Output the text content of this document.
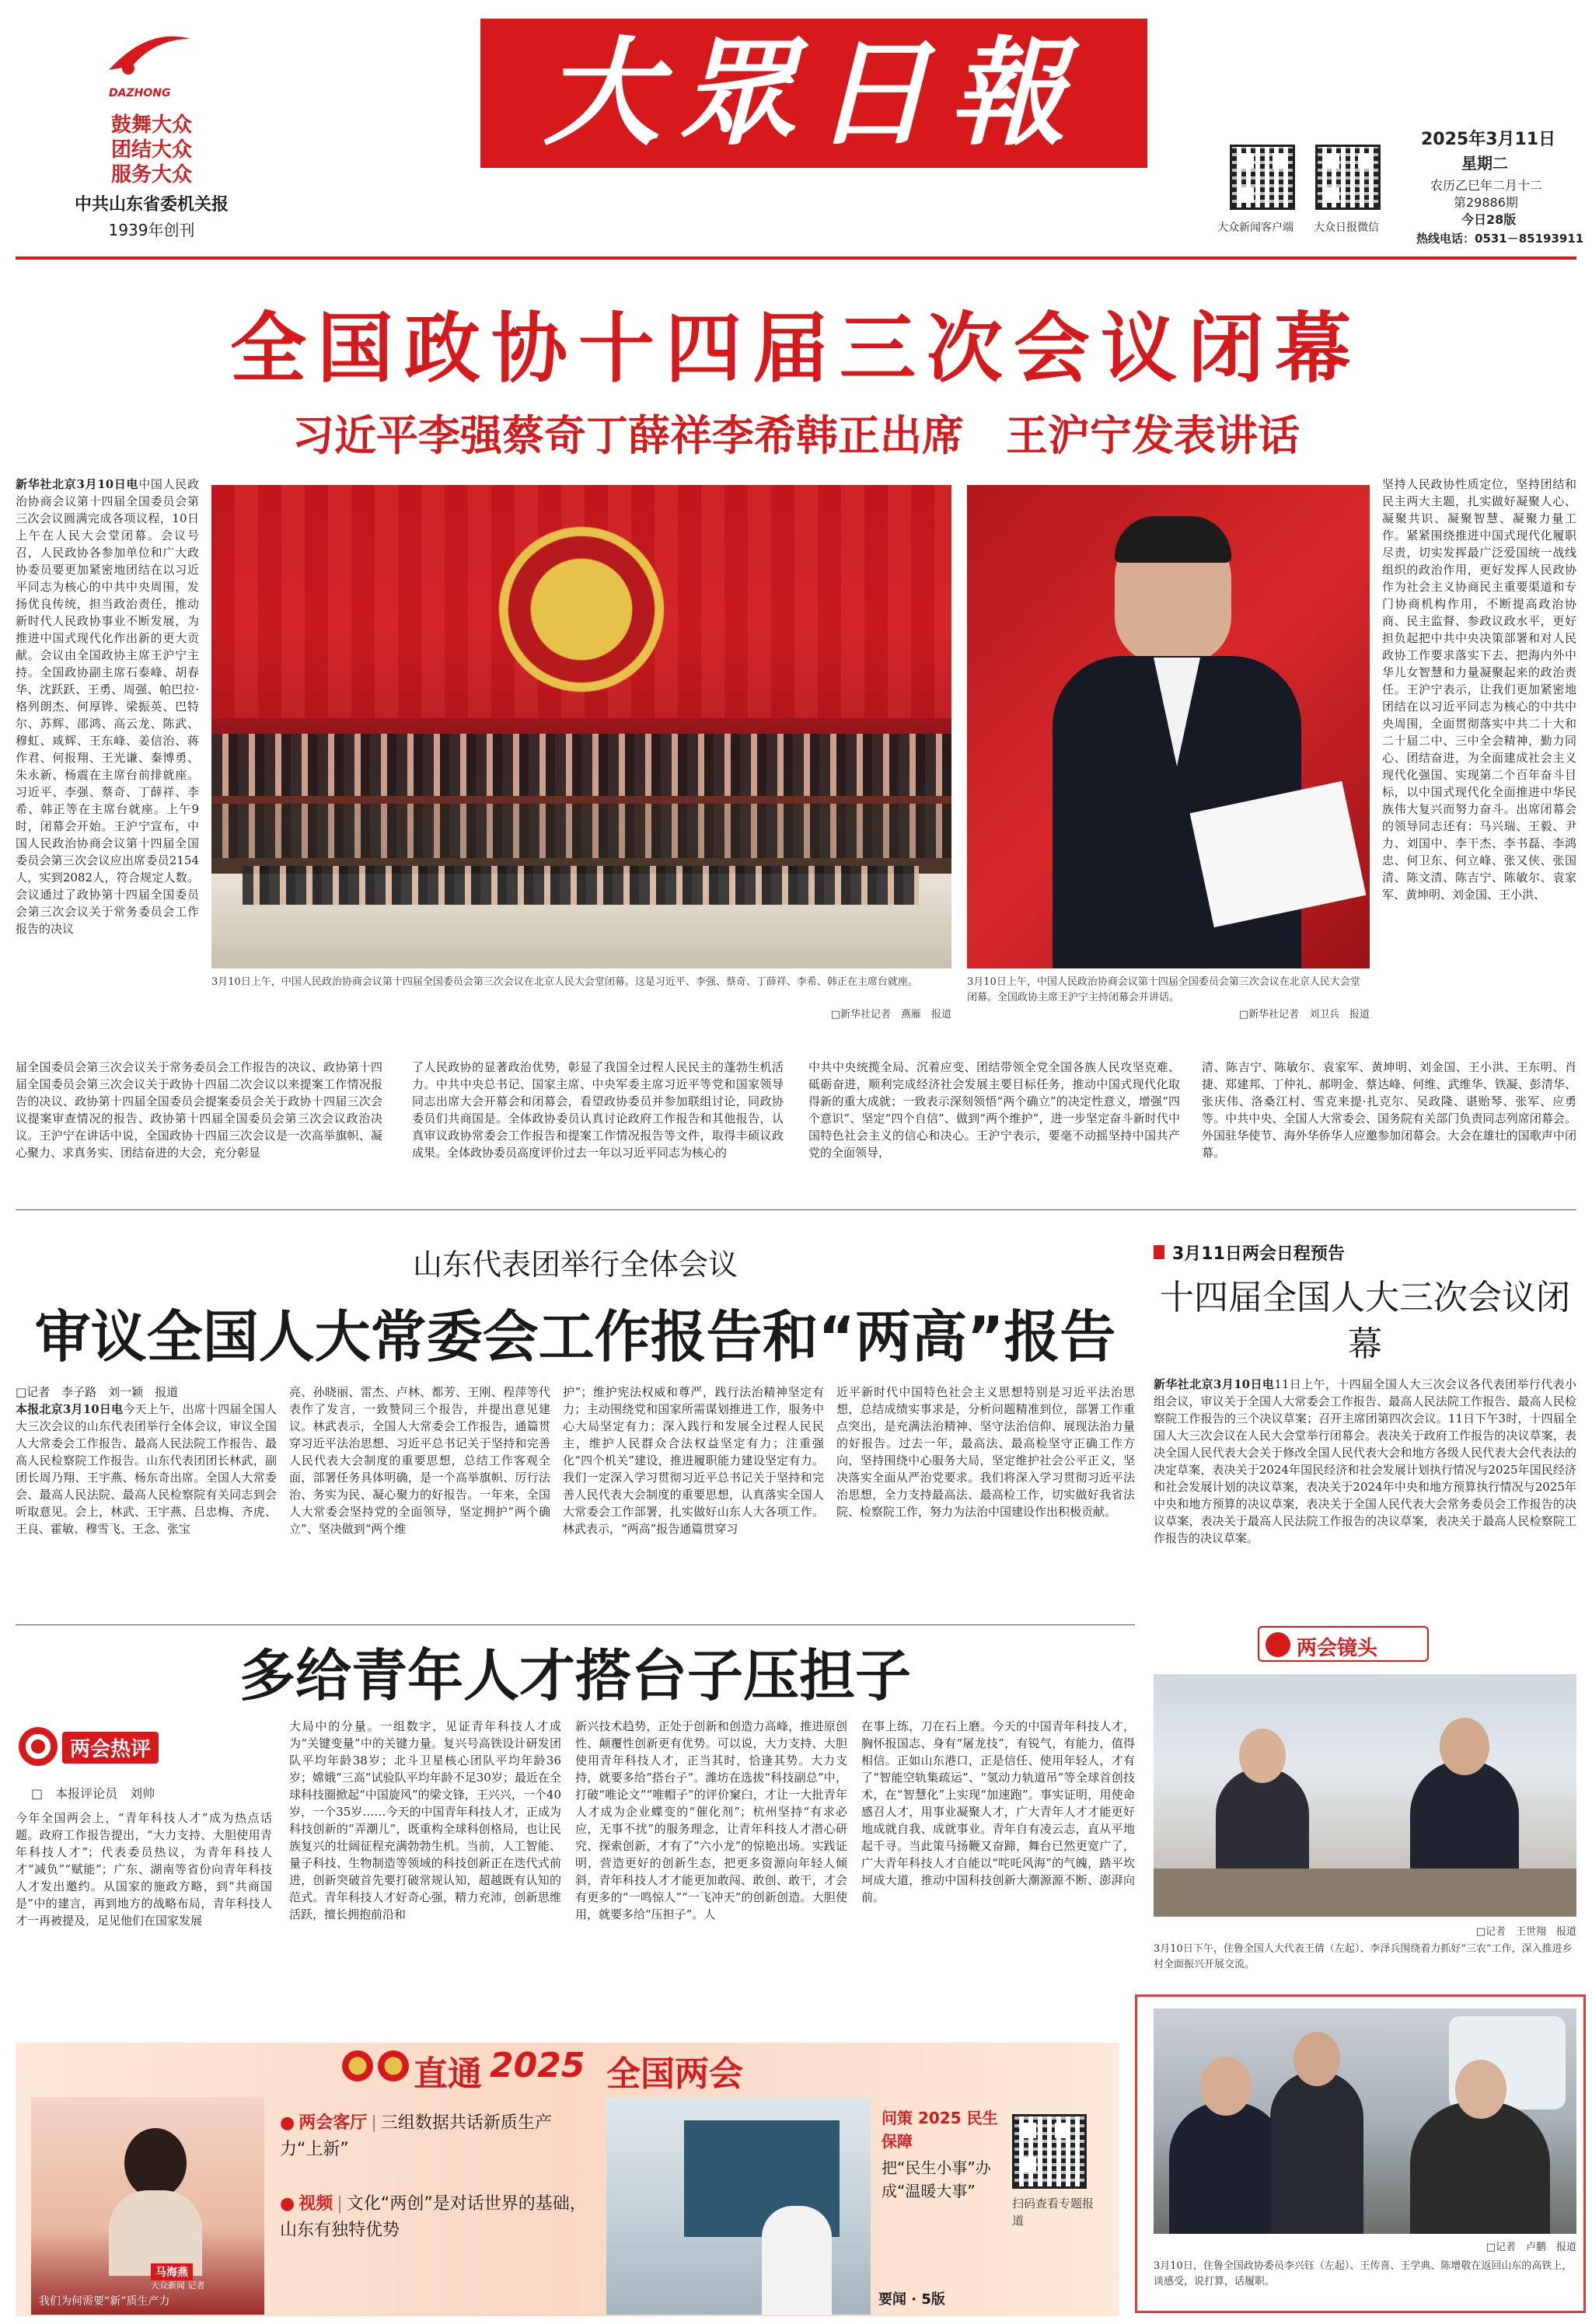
DAZHONG
鼓舞大众
团结大众
服务大众
中共山东省委机关报
1939年创刊
大眾日報
大众新闻客户端 大众日报微信
2025年3月11日
星期二
农历乙巳年二月十二
第29886期
今日28版
热线电话：0531－85193911
全国政协十四届三次会议闭幕
习近平李强蔡奇丁薛祥李希韩正出席　王沪宁发表讲话
新华社北京3月10日电中国人民政治协商会议第十四届全国委员会第三次会议圆满完成各项议程，10日上午在人民大会堂闭幕。会议号召，人民政协各参加单位和广大政协委员要更加紧密地团结在以习近平同志为核心的中共中央周围，发扬优良传统，担当政治责任，推动新时代人民政协事业不断发展，为推进中国式现代化作出新的更大贡献。会议由全国政协主席王沪宁主持。全国政协副主席石泰峰、胡春华、沈跃跃、王勇、周强、帕巴拉·格列朗杰、何厚铧、梁振英、巴特尔、苏辉、邵鸿、高云龙、陈武、穆虹、咸辉、王东峰、姜信治、蒋作君、何报翔、王光谦、秦博勇、朱永新、杨震在主席台前排就座。习近平、李强、蔡奇、丁薛祥、李希、韩正等在主席台就座。上午9时，闭幕会开始。王沪宁宣布，中国人民政治协商会议第十四届全国委员会第三次会议应出席委员2154人，实到2082人，符合规定人数。会议通过了政协第十四届全国委员会第三次会议关于常务委员会工作报告的决议
3月10日上午，中国人民政治协商会议第十四届全国委员会第三次会议在北京人民大会堂闭幕。这是习近平、李强、蔡奇、丁薛祥、李希、韩正在主席台就座。
□新华社记者　燕雁　报道
3月10日上午，中国人民政治协商会议第十四届全国委员会第三次会议在北京人民大会堂闭幕。全国政协主席王沪宁主持闭幕会并讲话。
□新华社记者　刘卫兵　报道
坚持人民政协性质定位，坚持团结和民主两大主题，扎实做好凝聚人心、凝聚共识、凝聚智慧、凝聚力量工作。紧紧围绕推进中国式现代化履职尽责，切实发挥最广泛爱国统一战线组织的政治作用，更好发挥人民政协作为社会主义协商民主重要渠道和专门协商机构作用，不断提高政治协商、民主监督、参政议政水平，更好担负起把中共中央决策部署和对人民政协工作要求落实下去、把海内外中华儿女智慧和力量凝聚起来的政治责任。王沪宁表示，让我们更加紧密地团结在以习近平同志为核心的中共中央周围，全面贯彻落实中共二十大和二十届二中、三中全会精神，勤力同心、团结奋进，为全面建成社会主义现代化强国、实现第二个百年奋斗目标，以中国式现代化全面推进中华民族伟大复兴而努力奋斗。出席闭幕会的领导同志还有：马兴瑞、王毅、尹力、刘国中、李干杰、李书磊、李鸿忠、何卫东、何立峰、张又侠、张国清、陈文清、陈吉宁、陈敏尔、袁家军、黄坤明、刘金国、王小洪、
届全国委员会第三次会议关于常务委员会工作报告的决议、政协第十四届全国委员会第三次会议关于政协十四届二次会议以来提案工作情况报告的决议、政协第十四届全国委员会提案委员会关于政协十四届三次会议提案审查情况的报告、政协第十四届全国委员会第三次会议政治决议。王沪宁在讲话中说，全国政协十四届三次会议是一次高举旗帜、凝心聚力、求真务实、团结奋进的大会，充分彰显
了人民政协的显著政治优势，彰显了我国全过程人民民主的蓬勃生机活力。中共中央总书记、国家主席、中央军委主席习近平等党和国家领导同志出席大会开幕会和闭幕会，看望政协委员并参加联组讨论，同政协委员们共商国是。全体政协委员认真讨论政府工作报告和其他报告，认真审议政协常委会工作报告和提案工作情况报告等文件，取得丰硕议政成果。全体政协委员高度评价过去一年以习近平同志为核心的
中共中央统揽全局、沉着应变、团结带领全党全国各族人民攻坚克难、砥砺奋进，顺利完成经济社会发展主要目标任务，推动中国式现代化取得新的重大成就；一致表示深刻领悟“两个确立”的决定性意义，增强“四个意识”、坚定“四个自信”、做到“两个维护”，进一步坚定奋斗新时代中国特色社会主义的信心和决心。王沪宁表示，要毫不动摇坚持中国共产党的全面领导，
清、陈吉宁、陈敏尔、袁家军、黄坤明、刘金国、王小洪、王东明、肖捷、郑建邦、丁仲礼、郝明金、蔡达峰、何维、武维华、铁凝、彭清华、张庆伟、洛桑江村、雪克来提·扎克尔、吴政隆、谌贻琴、张军、应勇等。中共中央、全国人大常委会、国务院有关部门负责同志列席闭幕会。外国驻华使节、海外华侨华人应邀参加闭幕会。大会在雄壮的国歌声中闭幕。
山东代表团举行全体会议
审议全国人大常委会工作报告和“两高”报告
□记者　李子路　刘一颖　报道
本报北京3月10日电今天上午，出席十四届全国人大三次会议的山东代表团举行全体会议，审议全国人大常委会工作报告、最高人民法院工作报告、最高人民检察院工作报告。山东代表团团长林武，副团长周乃翔、王宇燕、杨东奇出席。全国人大常委会、最高人民法院、最高人民检察院有关同志到会听取意见。会上，林武、王宇燕、吕忠梅、齐虎、王良、霍敏、穆雪飞、王念、张宝
亮、孙晓丽、雷杰、卢林、都芳、王刚、程萍等代表作了发言，一致赞同三个报告，并提出意见建议。林武表示，全国人大常委会工作报告，通篇贯穿习近平法治思想、习近平总书记关于坚持和完善人民代表大会制度的重要思想，总结工作客观全面，部署任务具体明确，是一个高举旗帜、厉行法治、务实为民、凝心聚力的好报告。一年来，全国人大常委会坚持党的全面领导，坚定拥护“两个确立”、坚决做到“两个维
护”；维护宪法权威和尊严，践行法治精神坚定有力；主动围绕党和国家所需谋划推进工作，服务中心大局坚定有力；深入践行和发展全过程人民民主，维护人民群众合法权益坚定有力；注重强化“四个机关”建设，推进履职能力建设坚定有力。我们一定深入学习贯彻习近平总书记关于坚持和完善人民代表大会制度的重要思想，认真落实全国人大常委会工作部署，扎实做好山东人大各项工作。林武表示，“两高”报告通篇贯穿习
近平新时代中国特色社会主义思想特别是习近平法治思想，总结成绩实事求是，分析问题精准到位，部署工作重点突出，是充满法治精神、坚守法治信仰、展现法治力量的好报告。过去一年，最高法、最高检坚守正确工作方向，坚持围绕中心服务大局，坚定维护社会公平正义，坚决落实全面从严治党要求。我们将深入学习贯彻习近平法治思想，全力支持最高法、最高检工作，切实做好我省法院、检察院工作，努力为法治中国建设作出积极贡献。
3月11日两会日程预告
十四届全国人大三次会议闭幕
新华社北京3月10日电11日上午，十四届全国人大三次会议各代表团举行代表小组会议，审议关于全国人大常委会工作报告、最高人民法院工作报告、最高人民检察院工作报告的三个决议草案；召开主席团第四次会议。11日下午3时，十四届全国人大三次会议在人民大会堂举行闭幕会。表决关于政府工作报告的决议草案，表决全国人民代表大会关于修改全国人民代表大会和地方各级人民代表大会代表法的决定草案，表决关于2024年国民经济和社会发展计划执行情况与2025年国民经济和社会发展计划的决议草案，表决关于2024年中央和地方预算执行情况与2025年中央和地方预算的决议草案，表决关于全国人民代表大会常务委员会工作报告的决议草案，表决关于最高人民法院工作报告的决议草案，表决关于最高人民检察院工作报告的决议草案。
两会镜头
□记者　王世翔　报道
3月10日下午，住鲁全国人大代表王倩（左起）、李泽兵围绕着力抓好“三农”工作，深入推进乡村全面振兴开展交流。
□记者　卢鹏　报道
3月10日，住鲁全国政协委员李兴钰（左起）、王传喜、王学典、陈增敬在返回山东的高铁上，谈感受，说打算，话履职。
多给青年人才搭台子压担子
两会热评
□　本报评论员　刘帅
今年全国两会上，“青年科技人才”成为热点话题。政府工作报告提出，“大力支持、大胆使用青年科技人才”；代表委员热议，为青年科技人才“减负”“赋能”；广东、湖南等省份向青年科技人才发出邀约。从国家的施政方略，到“共商国是”中的建言，再到地方的战略布局，青年科技人才一再被提及，足见他们在国家发展
大局中的分量。一组数字，见证青年科技人才成为“关键变量”中的关键力量。复兴号高铁设计研发团队平均年龄38岁；北斗卫星核心团队平均年龄36岁；嫦娥“三高”试验队平均年龄不足30岁；最近在全球科技圈掀起“中国旋风”的梁文锋，王兴兴，一个40岁，一个35岁……今天的中国青年科技人才，正成为科技创新的“弄潮儿”，既重构全球科创格局，也让民族复兴的壮阔征程充满勃勃生机。当前，人工智能、量子科技、生物制造等领域的科技创新正在迭代式前进，创新突破首先要打破常规认知，超越既有认知的范式。青年科技人才好奇心强，精力充沛，创新思维活跃，擅长拥抱前沿和
新兴技术趋势，正处于创新和创造力高峰，推进原创性、颠覆性创新更有优势。可以说，大力支持、大胆使用青年科技人才，正当其时，恰逢其势。大力支持，就要多给“搭台子”。潍坊在选拔“科技副总”中，打破“唯论文”“唯帽子”的评价窠臼，才让一大批青年人才成为企业蝶变的“催化剂”；杭州坚持“有求必应，无事不扰”的服务理念，让青年科技人才潜心研究、探索创新，才有了“六小龙”的惊艳出场。实践证明，营造更好的创新生态，把更多资源向年轻人倾斜，青年科技人才才能更加敢闯、敢创、敢干，才会有更多的“一鸣惊人”“一飞冲天”的创新创造。大胆使用，就要多给“压担子”。人
在事上练，刀在石上磨。今天的中国青年科技人才，胸怀报国志、身有“屠龙技”，有锐气，有能力，值得相信。正如山东港口，正是信任、使用年轻人，才有了“智能空轨集疏运”、“氢动力轨道吊”等全球首创技术，在“智慧化”上实现“加速跑”。事实证明，用使命感召人才，用事业凝聚人才，广大青年人才才能更好地成就自我、成就事业。青年自有凌云志，直从平地起千寻。当此策马扬鞭又奋蹄，舞台已然更宽广了，广大青年科技人才自能以“咤吒风海”的气魄，踏平坎坷成大道，推动中国科技创新大潮源源不断、澎湃向前。
直通 2025 全国两会
马海燕
大众新闻 记者
我们为何需要“新”质生产力
● 两会客厅 | 三组数据共话新质生产力“上新”
● 视频 | 文化“两创”是对话世界的基础，山东有独特优势
问策 2025 民生保障
把“民生小事”办成“温暖大事”
扫码查看专题报道
要闻 · 5版
